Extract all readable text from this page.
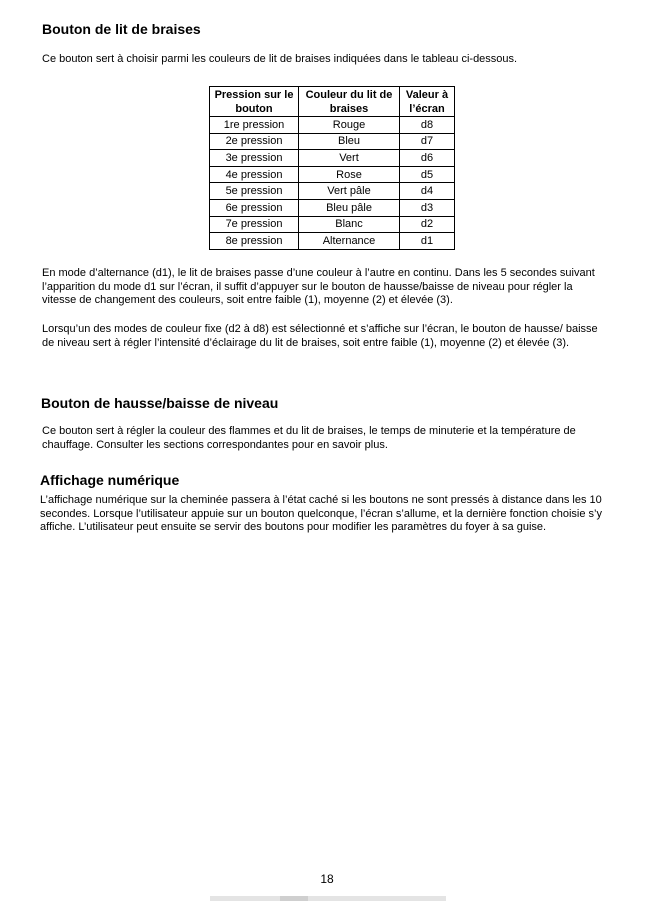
Bouton de lit de braises

Ce bouton sert à choisir parmi les couleurs de lit de braises indiquées dans le tableau ci-dessous.

Pression sur le bouton	Couleur du lit de braises	Valeur à l’écran
1re pression	Rouge	d8
2e pression	Bleu	d7
3e pression	Vert	d6
4e pression	Rose	d5
5e pression	Vert pâle	d4
6e pression	Bleu pâle	d3
7e pression	Blanc	d2
8e pression	Alternance	d1

En mode d’alternance (d1), le lit de braises passe d’une couleur à l’autre en continu. Dans les 5 secondes suivant l’apparition du mode d1 sur l’écran, il suffit d’appuyer sur le bouton de hausse/baisse de niveau pour régler la vitesse de changement des couleurs, soit entre faible (1), moyenne (2) et élevée (3).

Lorsqu’un des modes de couleur fixe (d2 à d8) est sélectionné et s’affiche sur l’écran, le bouton de hausse/ baisse de niveau sert à régler l’intensité d’éclairage du lit de braises, soit entre faible (1), moyenne (2) et élevée (3).

Bouton de hausse/baisse de niveau

Ce bouton sert à régler la couleur des flammes et du lit de braises, le temps de minuterie et la température de chauffage. Consulter les sections correspondantes pour en savoir plus.

Affichage numérique

L’affichage numérique sur la cheminée passera à l’état caché si les boutons ne sont pressés à distance dans les 10 secondes. Lorsque l’utilisateur appuie sur un bouton quelconque, l’écran s’allume, et la dernière fonction choisie s’y affiche. L’utilisateur peut ensuite se servir des boutons pour modifier les paramètres du foyer à sa guise.

18
